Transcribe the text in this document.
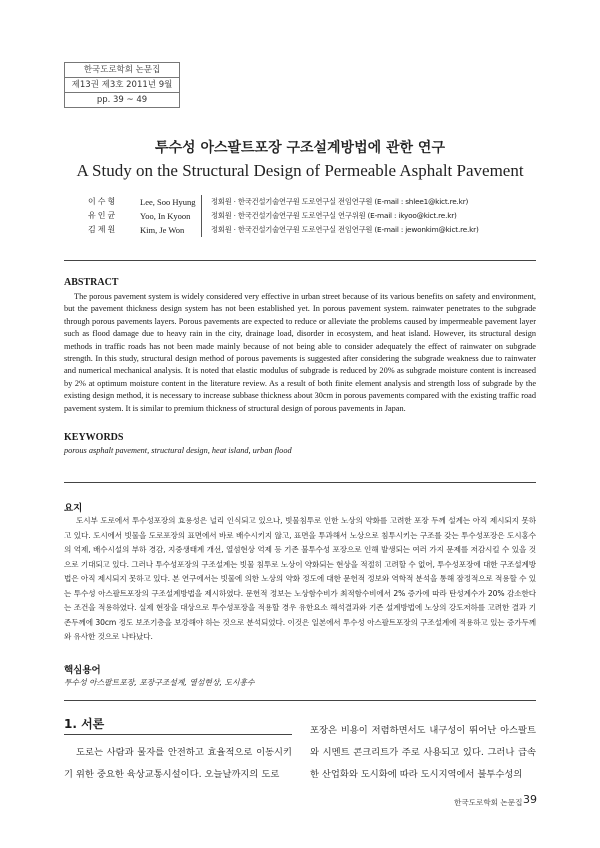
한국도로학회 논문집
제13권 제3호 2011년 9월
pp. 39 ~ 49
투수성 아스팔트포장 구조설계방법에 관한 연구
A Study on the Structural Design of Permeable Asphalt Pavement
이수형	Lee, Soo Hyung 정회원 · 한국건설기술연구원 도로연구실 전임연구원 (E-mail : shlee1@kict.re.kr)
유인균	Yoo, In Kyoon	정회원 · 한국건설기술연구원 도로연구실 연구위원 (E-mail : ikyoo@kict.re.kr)
김제원	Kim, Je Won	정회원 · 한국건설기술연구원 도로연구실 전임연구원 (E-mail : jewonkim@kict.re.kr)
ABSTRACT

The porous pavement system is widely considered very effective in urban street because of its various benefits on safety and environment, but the pavement thickness design system has not been established yet. In porous pavement system. rainwater penetrates to the subgrade through porous pavements layers. Porous pavements are expected to reduce or alleviate the problems caused by impermeable pavement layer such as flood damage due to heavy rain in the city, drainage load, disorder in ecosystem, and heat island. However, its structural design methods in traffic roads has not been made mainly because of not being able to consider adequately the effect of rainwater on subgrade strength. In this study, structural design method of porous pavements is suggested after considering the subgrade weakness due to rainwater and numerical mechanical analysis. It is noted that elastic modulus of subgrade is reduced by 20% as subgrade moisture content is increased by 2% at optimum moisture content in the literature review. As a result of both finite element analysis and strength loss of subgrade by the existing design method, it is necessary to increase subbase thickness about 30cm in porous pavements compared with the existing traffic road pavement system. It is similar to premium thickness of structural design of porous pavements in Japan.

KEYWORDS
porous asphalt pavement, structural design, heat island, urban flood
요지

도시부 도로에서 투수성포장의 효용성은 널리 인식되고 있으나, 빗물침투로 인한 노상의 약화를 고려한 포장 두께 설계는 아직 제시되지 못하고 있다. 도시에서 빗물을 도로포장의 표면에서 바로 배수시키지 않고, 표면을 투과해서 노상으로 침투시키는 구조를 갖는 투수성포장은 도시홍수의 억제, 배수시설의 부하 경감, 지중생태계 개선, 열섬현상 억제 등 기존 불투수성 포장으로 인해 발생되는 여러 가지 문제를 저감시킬 수 있을 것으로 기대되고 있다. 그러나 투수성포장의 구조설계는 빗물 침투로 노상이 약화되는 현상을 적절히 고려할 수 없어, 투수성포장에 대한 구조설계방법은 아직 제시되지 못하고 있다. 본 연구에서는 빗물에 의한 노상의 약화 정도에 대한 문헌적 정보와 역학적 분석을 통해 잠정적으로 적용할 수 있는 투수성 아스팔트포장의 구조설계방법을 제시하였다. 문헌적 정보는 노상함수비가 최적함수비에서 2% 증가에 따라 탄성계수가 20% 감소한다는 조건을 적용하였다. 실제 현장을 대상으로 투수성포장을 적용할 경우 유한요소 해석결과와 기존 설계방법에 노상의 강도저하를 고려한 결과 기존두께에 30cm 정도 보조기층을 보강해야 하는 것으로 분석되었다. 이것은 일본에서 투수성 아스팔트포장의 구조설계에 적용하고 있는 증가두께와 유사한 것으로 나타났다.

핵심용어
투수성 아스팔트포장, 포장구조설계, 열섬현상, 도시홍수
1. 서론

도로는 사람과 물자를 안전하고 효율적으로 이동시키기 위한 중요한 육상교통시설이다. 오늘날까지의 도로

포장은 비용이 저렴하면서도 내구성이 뛰어난 아스팔트와 시멘트 콘크리트가 주로 사용되고 있다. 그러나 급속한 산업화와 도시화에 따라 도시지역에서 불투수성의

한국도로학회 논문집 39
